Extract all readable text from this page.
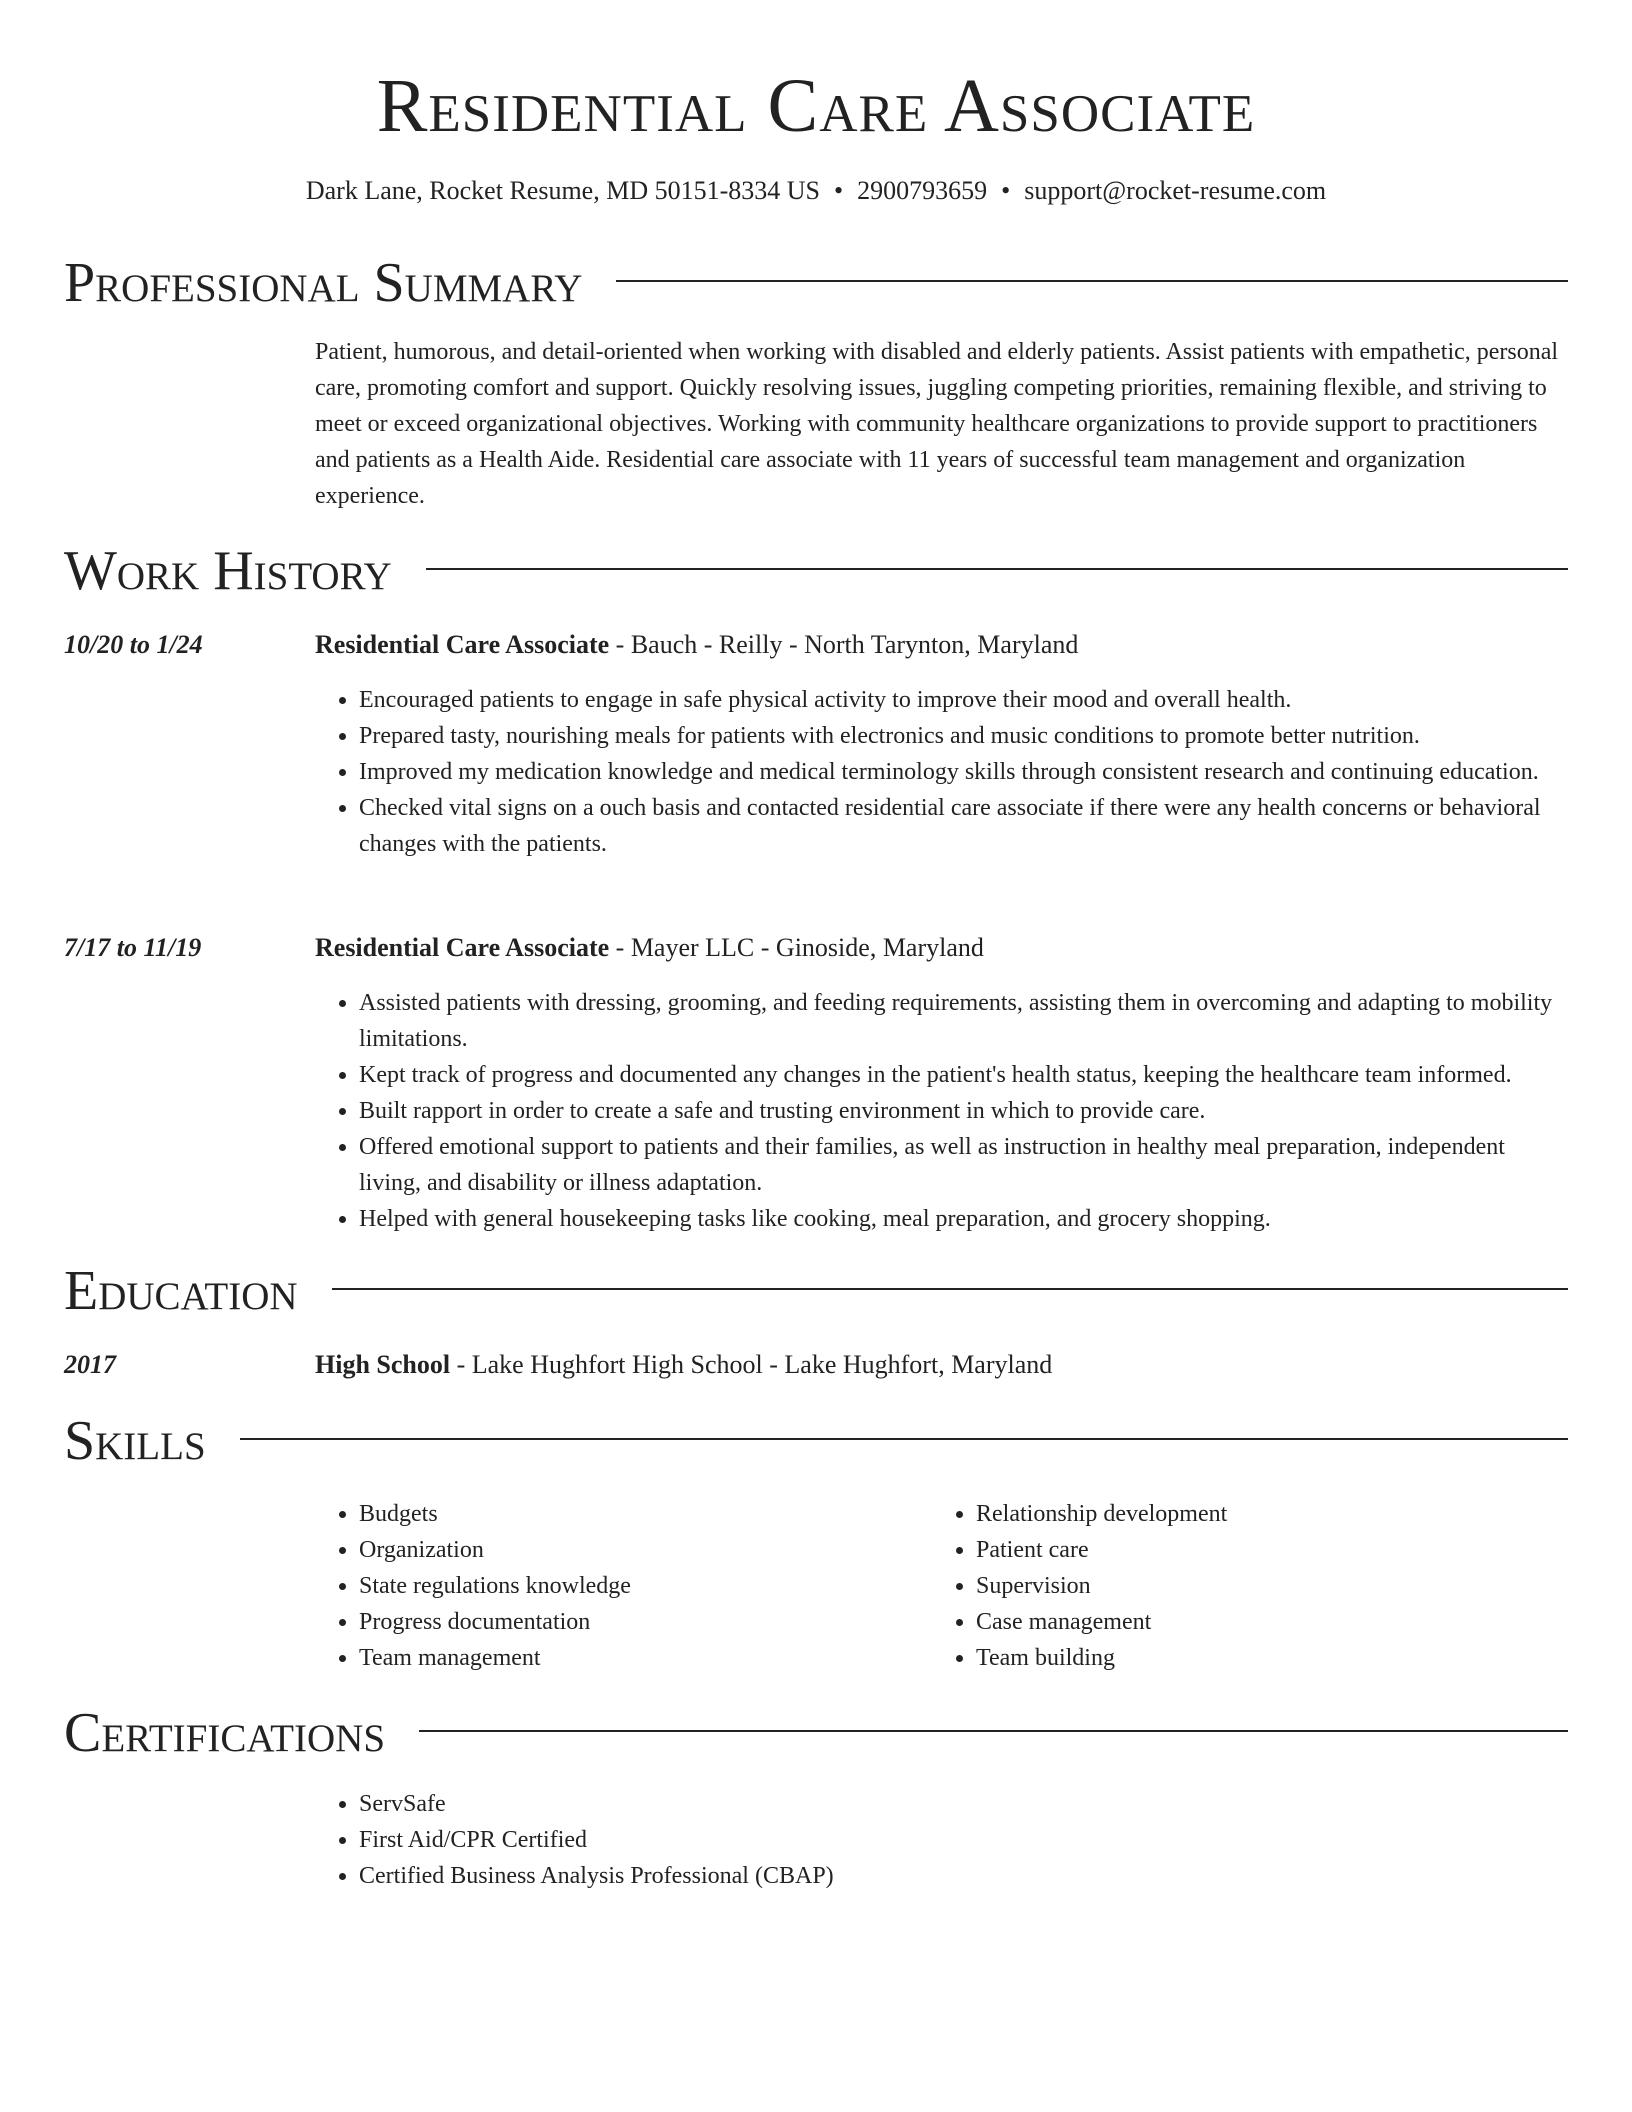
Residential Care Associate
Dark Lane, Rocket Resume, MD 50151-8334 US • 2900793659 • support@rocket-resume.com
Professional Summary
Patient, humorous, and detail-oriented when working with disabled and elderly patients. Assist patients with empathetic, personal care, promoting comfort and support. Quickly resolving issues, juggling competing priorities, remaining flexible, and striving to meet or exceed organizational objectives. Working with community healthcare organizations to provide support to practitioners and patients as a Health Aide. Residential care associate with 11 years of successful team management and organization experience.
Work History
10/20 to 1/24	Residential Care Associate - Bauch - Reilly - North Tarynton, Maryland
• Encouraged patients to engage in safe physical activity to improve their mood and overall health.
• Prepared tasty, nourishing meals for patients with electronics and music conditions to promote better nutrition.
• Improved my medication knowledge and medical terminology skills through consistent research and continuing education.
• Checked vital signs on a ouch basis and contacted residential care associate if there were any health concerns or behavioral changes with the patients.
7/17 to 11/19	Residential Care Associate - Mayer LLC - Ginoside, Maryland
• Assisted patients with dressing, grooming, and feeding requirements, assisting them in overcoming and adapting to mobility limitations.
• Kept track of progress and documented any changes in the patient's health status, keeping the healthcare team informed.
• Built rapport in order to create a safe and trusting environment in which to provide care.
• Offered emotional support to patients and their families, as well as instruction in healthy meal preparation, independent living, and disability or illness adaptation.
• Helped with general housekeeping tasks like cooking, meal preparation, and grocery shopping.
Education
2017	High School - Lake Hughfort High School - Lake Hughfort, Maryland
Skills
• Budgets
• Organization
• State regulations knowledge
• Progress documentation
• Team management
• Relationship development
• Patient care
• Supervision
• Case management
• Team building
Certifications
• ServSafe
• First Aid/CPR Certified
• Certified Business Analysis Professional (CBAP)
